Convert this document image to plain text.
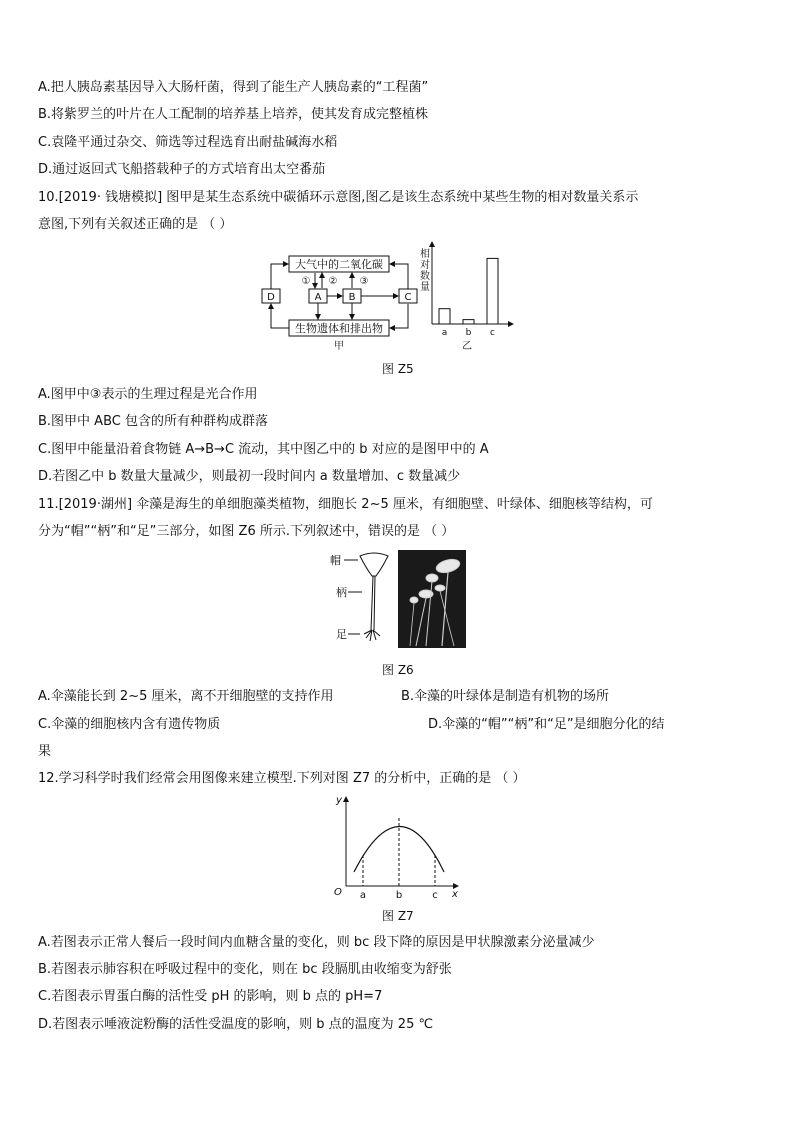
A.把人胰岛素基因导入大肠杆菌，得到了能生产人胰岛素的“工程菌”
B.将紫罗兰的叶片在人工配制的培养基上培养，使其发育成完整植株
C.袁隆平通过杂交、筛选等过程选育出耐盐碱海水稻
D.通过返回式飞船搭载种子的方式培育出太空番茄
10.[2019· 钱塘模拟] 图甲是某生态系统中碳循环示意图,图乙是该生态系统中某些生物的相对数量关系示
意图,下列有关叙述正确的是 （ ）
大气中的二氧化碳
生物遗体和排出物
A	B	C
D
① ② ③
甲
相对数量
乙
a b c
图 Z5
A.图甲中③表示的生理过程是光合作用
B.图甲中 ABC 包含的所有种群构成群落
C.图甲中能量沿着食物链 A→B→C 流动，其中图乙中的 b 对应的是图甲中的 A
D.若图乙中 b 数量大量减少，则最初一段时间内 a 数量增加、c 数量减少
11.[2019·湖州] 伞藻是海生的单细胞藻类植物，细胞长 2~5 厘米，有细胞壁、叶绿体、细胞核等结构，可
分为“帽”“柄”和“足”三部分，如图 Z6 所示.下列叙述中，错误的是 （ ）
帽
柄
足
图 Z6
A.伞藻能长到 2~5 厘米，离不开细胞壁的支持作用	B.伞藻的叶绿体是制造有机物的场所
C.伞藻的细胞核内含有遗传物质	D.伞藻的“帽”“柄”和“足”是细胞分化的结
果
12.学习科学时我们经常会用图像来建立模型.下列对图 Z7 的分析中，正确的是 （ ）
y
x
O a	b	c
图 Z7
A.若图表示正常人餐后一段时间内血糖含量的变化，则 bc 段下降的原因是甲状腺激素分泌量减少
B.若图表示肺容积在呼吸过程中的变化，则在 bc 段膈肌由收缩变为舒张
C.若图表示胃蛋白酶的活性受 pH 的影响，则 b 点的 pH=7
D.若图表示唾液淀粉酶的活性受温度的影响，则 b 点的温度为 25 ℃
